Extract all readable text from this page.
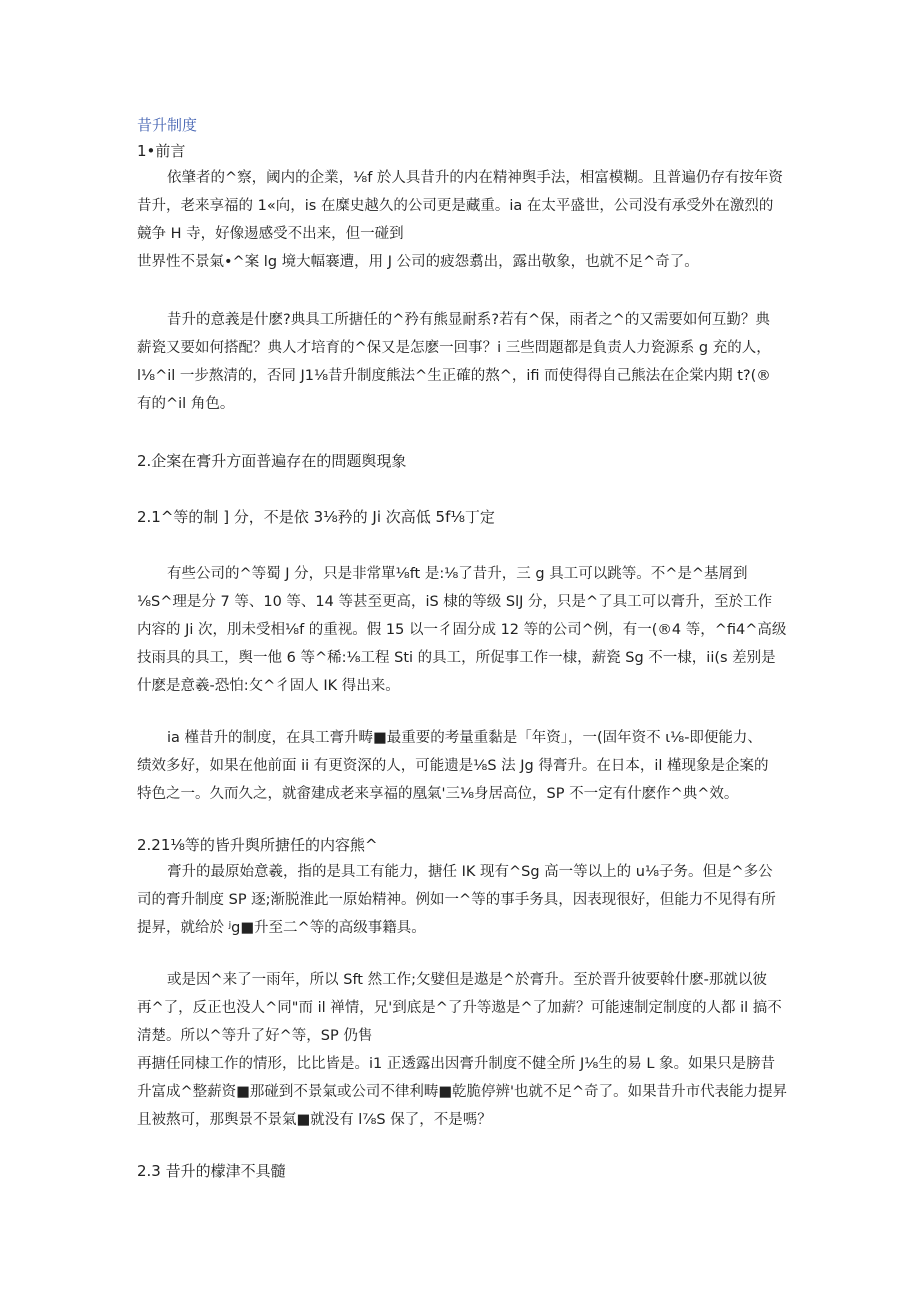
昔升制度
1•前言
依肇者的^察，阈内的企業，⅛f 於人具昔升的内在精神舆手法，相富模糊。且普遍仍存有按年资
昔升，老来享福的 1«向，is 在糜史越久的公司更是藏重。ia 在太平盛世，公司没有承受外在激烈的
競争 H 寺，好像逷感受不出来，但一碰到
世界性不景氣•^案 lg 境大幅褰遭，用 J 公司的疲怨翥出，露出敬象，也就不足^奇了。
昔升的意義是什麽?典具工所搪任的^矜有熊显耐系?若有^保，雨者之^的又需要如何互勤？典
薪瓷又要如何搭配？典人才培育的^保又是怎麽一回事？i 三些問題都是負责人力瓷源系 g 充的人，
l⅛^il 一步熬清的，否同 J1⅛昔升制度熊法^生正確的熬^，ifi 而使得得自己熊法在企棠内期 t?(®
有的^il 角色。
2.企案在膏升方面普遍存在的問题舆現象
2.1^等的制 ] 分，不是依 3⅛矜的 Ji 次高低 5f⅛丁定
有些公司的^等蜀 J 分，只是非常單⅛ft 是:⅛了昔升，三 g 具工可以跳等。不^是^基屑到
⅛S^理是分 7 等、10 等、14 等甚至更高，iS 棣的等级 SlJ 分，只是^了具工可以膏升，至於工作
内容的 Ji 次，刖未受相⅛f 的重视。假 15 以一彳固分成 12 等的公司^例，有一(®4 等，^fi4^高级
技雨具的具工，舆一他 6 等^稀:⅛工程 Sti 的具工，所促事工作一棣，薪瓷 Sg 不一棣，ii(s 差别是
什麽是意羲-恐怕:攵^彳固人 IK 得出来。
ia 槿昔升的制度，在具工膏升畴■最重要的考量重黏是「年资」，一(固年资不 ι⅛-即便能力、
绩效多好，如果在他前面 ii 有更资深的人，可能遗是⅛S 法 Jg 得膏升。在日本，il 槿现象是企案的
特色之一。久而久之，就畲建成老来享福的凰氣'三⅛身居高位，SP 不一定有什麽作^典^效。
2.21⅛等的皆升舆所搪任的内容熊^
膏升的最原始意羲，指的是具工有能力，搪任 IK 现有^Sg 高一等以上的 u⅛子务。但是^多公
司的膏升制度 SP 逐;渐脱淮此一原始精神。例如一^等的事手务具，因表现很好，但能力不见得有所
提昇，就给於 ʲg■升至二^等的高级事籍具。
或是因^来了一雨年，所以 Sft 然工作;攵嬖但是遨是^於膏升。至於晋升彼要斡什麽-那就以彼
再^了，反正也没人^同"而 il 禅情，兄'到底是^了升等遨是^了加薪？可能速制定制度的人都 il 搞不
清楚。所以^等升了好^等，SP 仍售
再搪任同棣工作的情形，比比皆是。i1 正透露出因膏升制度不健全所 J⅛生的易 L 象。如果只是膀昔
升富成^整薪资■那碰到不景氣或公司不律利畴■乾脆停辨'也就不足^奇了。如果昔升市代表能力提昇
且被熬可，那舆景不景氣■就没有 l⅞S 保了，不是嗎？
2.3 昔升的檬津不具髓
